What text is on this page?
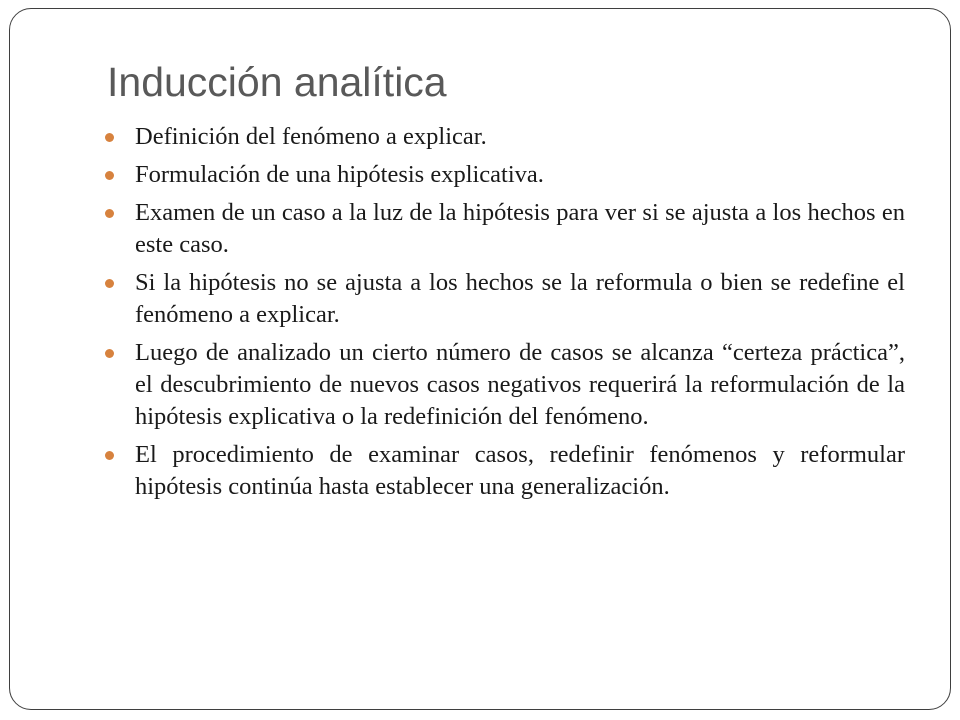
Inducción analítica
Definición del fenómeno a explicar.
Formulación de una hipótesis explicativa.
Examen de un caso a la luz de la hipótesis para ver si se ajusta a los hechos en este caso.
Si la hipótesis no se ajusta a los hechos se la reformula o bien se redefine el fenómeno a explicar.
Luego de analizado un cierto número de casos se alcanza “certeza práctica”, el descubrimiento de nuevos casos negativos requerirá la reformulación de la hipótesis explicativa o la redefinición del fenómeno.
El procedimiento de examinar casos, redefinir fenómenos y reformular hipótesis continúa hasta establecer una generalización.
